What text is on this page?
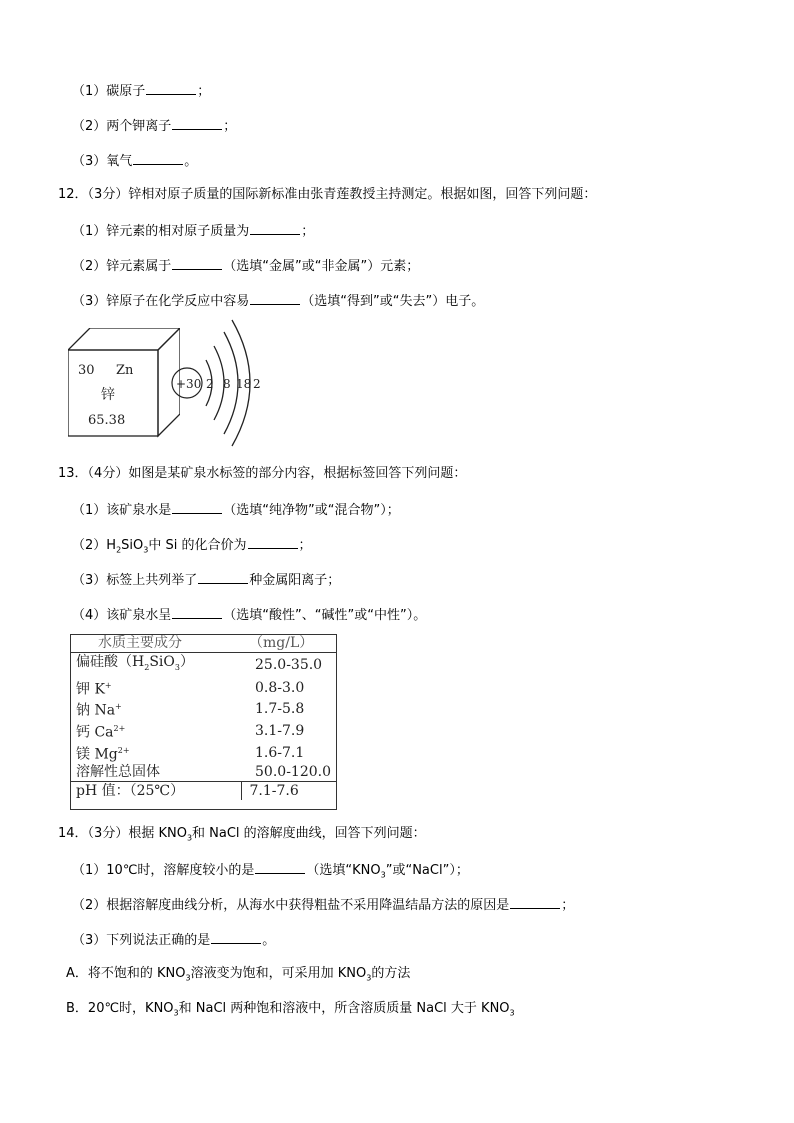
（1）碳原子	；
（2）两个钾离子	；
（3）氧气	。
12．（3分）锌相对原子质量的国际新标准由张青莲教授主持测定。根据如图，回答下列问题：
（1）锌元素的相对原子质量为	；
（2）锌元素属于	（选填“金属”或“非金属”）元素；
（3）锌原子在化学反应中容易	（选填“得到”或“失去”）电子。
30 Zn
锌
65.38
+30 2 8 18 2
13．（4分）如图是某矿泉水标签的部分内容，根据标签回答下列问题：
（1）该矿泉水是	（选填“纯净物”或“混合物”）；
$(2)H_2SiO_3$中 Si 的化合价为	；
（3）标签上共列举了	种金属阳离子；
（4）该矿泉水呈	（选填“酸性”、“碱性”或“中性”）。
水质主要成分	（mg/L）
偏硅酸$(H_2SiO_3)$	25.0-35.0
钾 K+	0.8-3.0
钠 Na+	1.7-5.8
钙 $Ca^{2+}$	3.1-7.9
镁 $Mg^{2+}$	1.6-7.1
溶解性总固体	50.0-120.0
pH 值：（25℃）	7.1-7.6
14．（3分）根据 $KNO_3$和 NaCl 的溶解度曲线，回答下列问题：
（1）10℃时，溶解度较小的是	（选填“$KNO_3$”或“NaCl”）；
（2）根据溶解度曲线分析，从海水中获得粗盐不采用降温结晶方法的原因是	；
（3）下列说法正确的是	。
A．将不饱和的 $KNO_3$溶液变为饱和，可采用加 $KNO_3$的方法
B．20℃时，$KNO_3$和 NaCl 两种饱和溶液中，所含溶质质量 NaCl 大于 $KNO_3$
